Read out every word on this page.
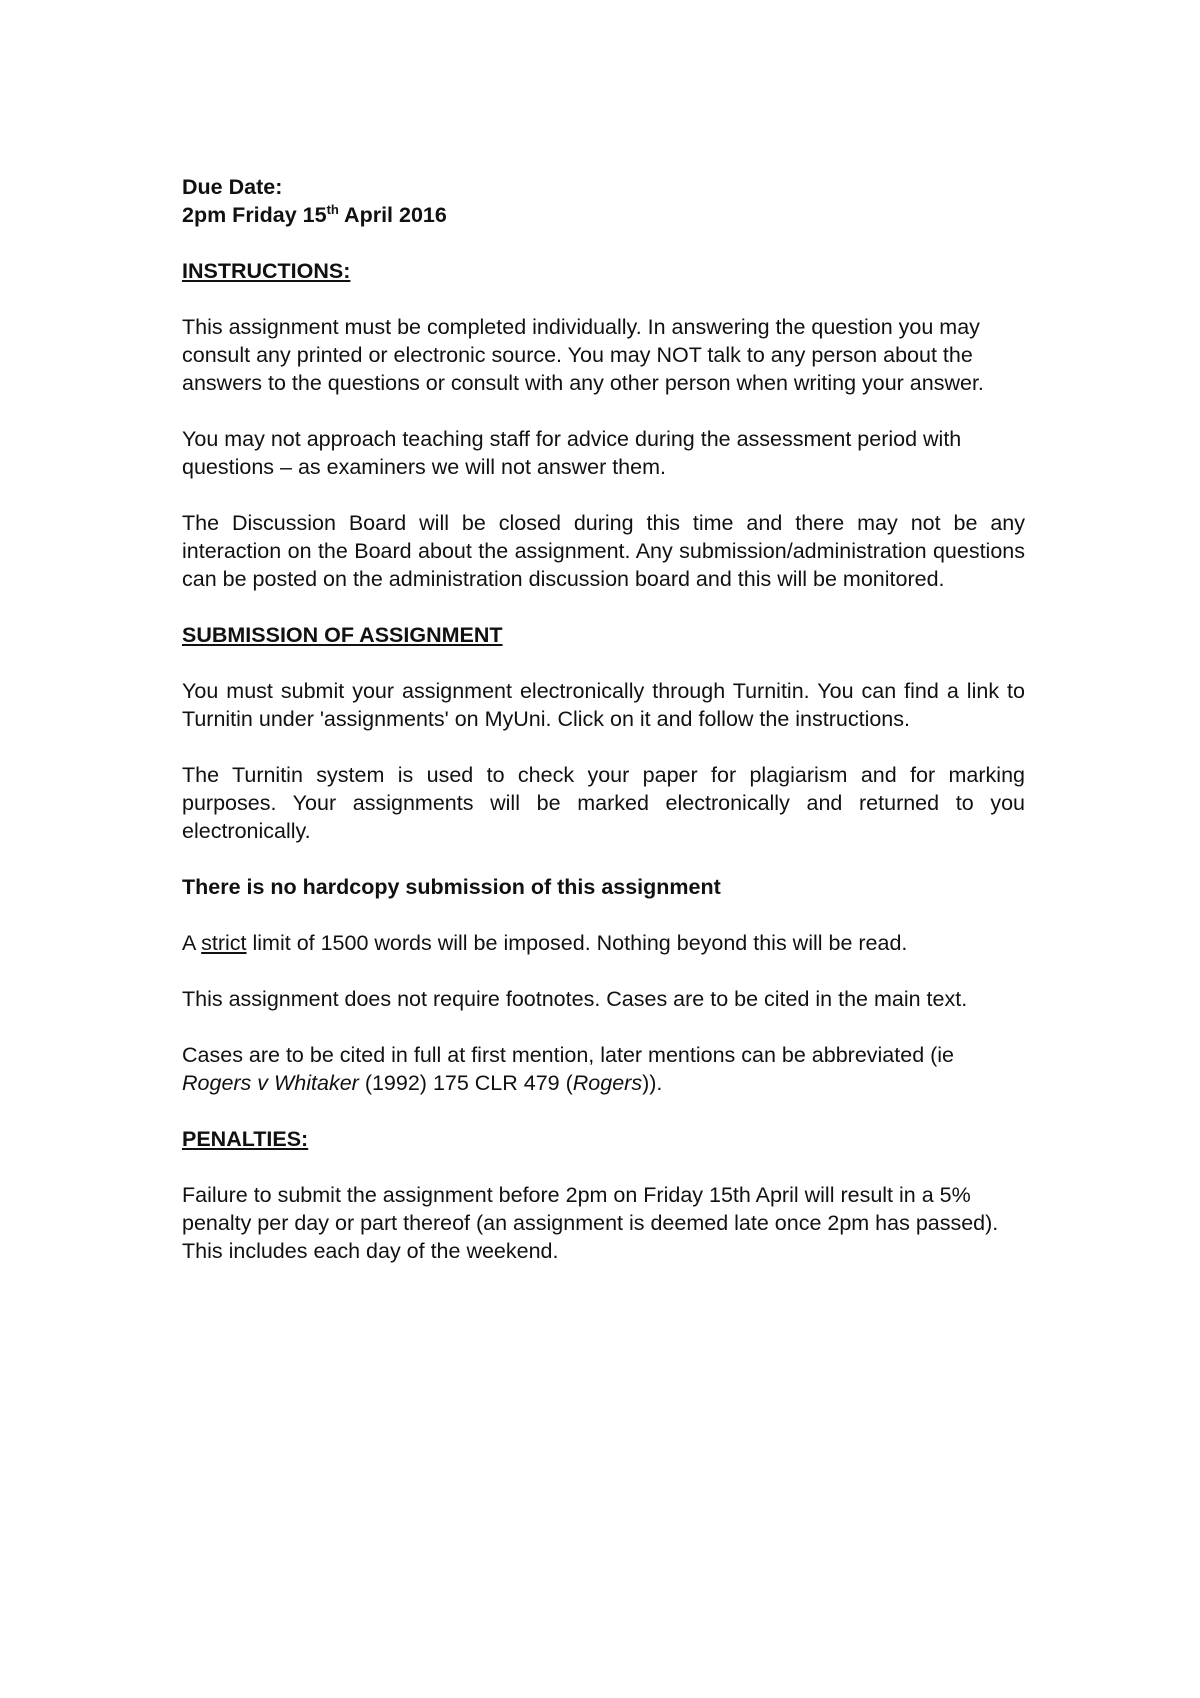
Due Date:

2pm Friday 15th April 2016

INSTRUCTIONS:

This assignment must be completed individually. In answering the question you may consult any printed or electronic source. You may NOT talk to any person about the answers to the questions or consult with any other person when writing your answer.

You may not approach teaching staff for advice during the assessment period with questions – as examiners we will not answer them.

The Discussion Board will be closed during this time and there may not be any interaction on the Board about the assignment. Any submission/administration questions can be posted on the administration discussion board and this will be monitored.

SUBMISSION OF ASSIGNMENT

You must submit your assignment electronically through Turnitin. You can find a link to Turnitin under 'assignments' on MyUni. Click on it and follow the instructions.

The Turnitin system is used to check your paper for plagiarism and for marking purposes. Your assignments will be marked electronically and returned to you electronically.

There is no hardcopy submission of this assignment

A strict limit of 1500 words will be imposed. Nothing beyond this will be read.

This assignment does not require footnotes. Cases are to be cited in the main text.

Cases are to be cited in full at first mention, later mentions can be abbreviated (ie Rogers v Whitaker (1992) 175 CLR 479 (Rogers)).

PENALTIES:

Failure to submit the assignment before 2pm on Friday 15th April will result in a 5% penalty per day or part thereof (an assignment is deemed late once 2pm has passed). This includes each day of the weekend.
